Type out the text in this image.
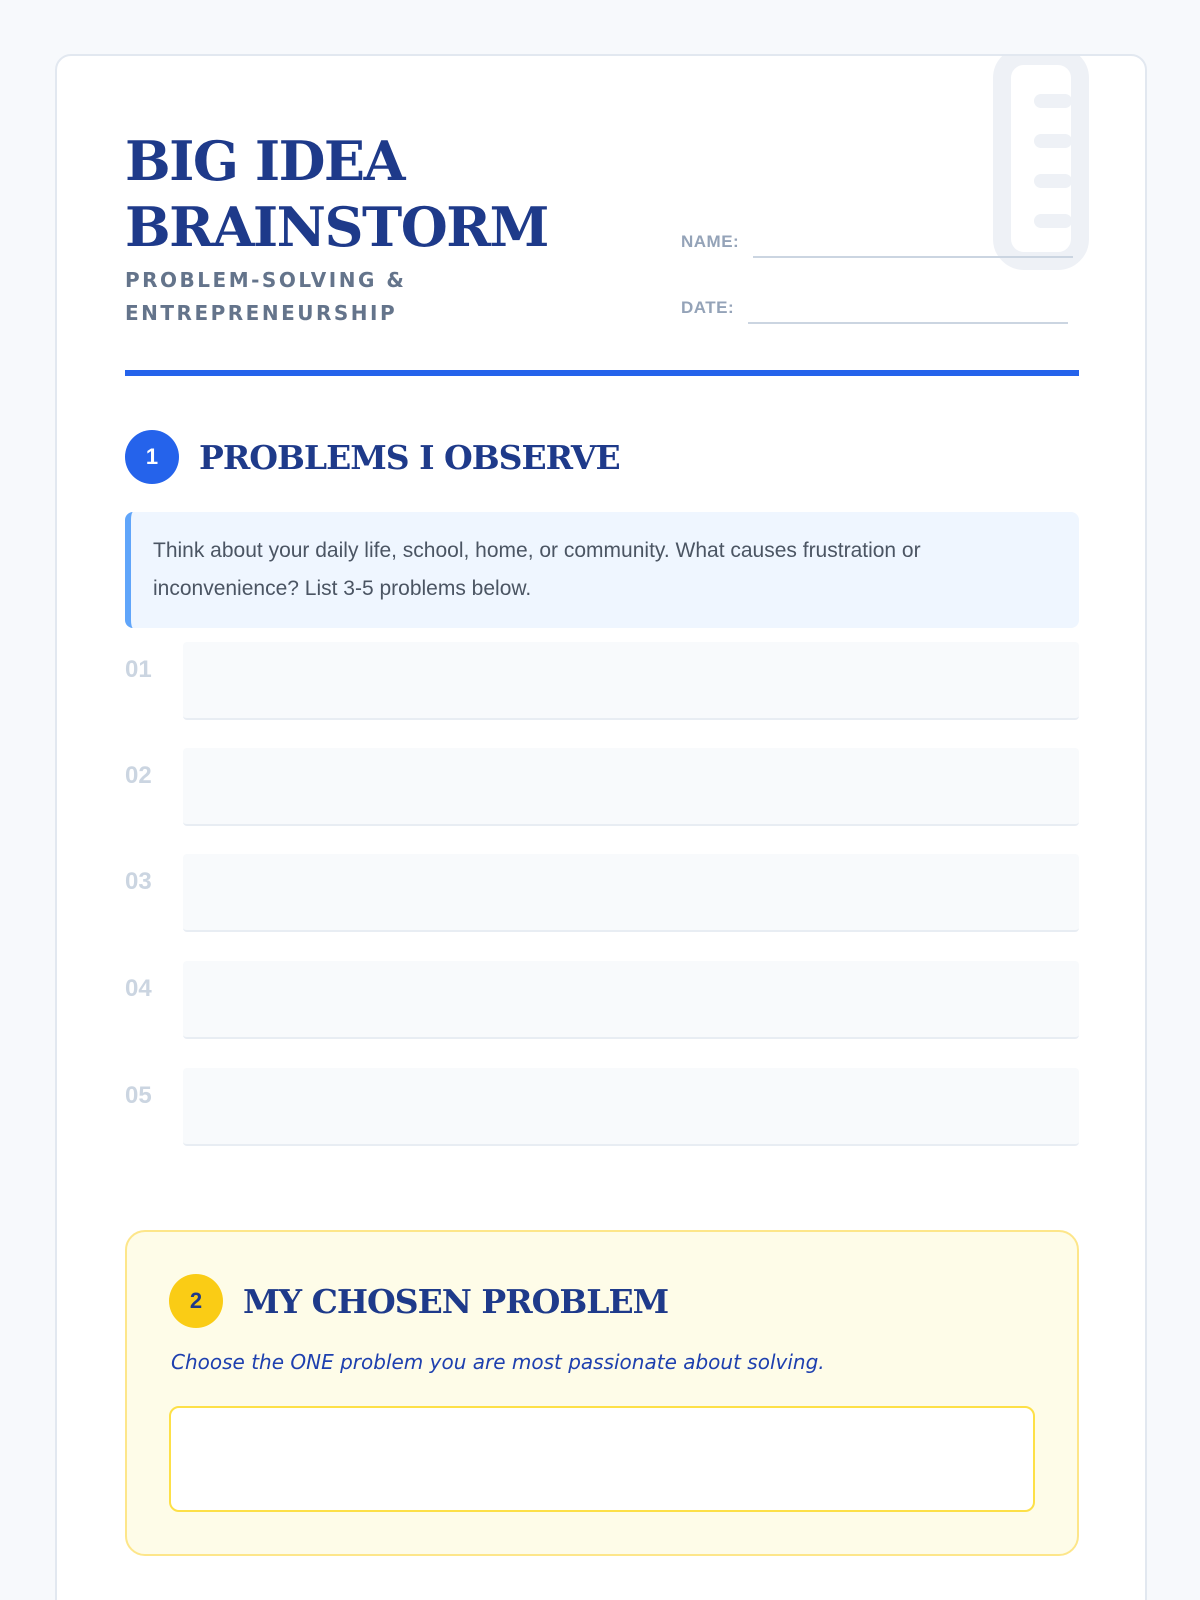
BIG IDEA
BRAINSTORM
PROBLEM-SOLVING &
ENTREPRENEURSHIP
NAME:
DATE:
1	PROBLEMS I OBSERVE
Think about your daily life, school, home, or community. What causes frustration or inconvenience? List 3-5 problems below.
01
02
03
04
05
2	MY CHOSEN PROBLEM

Choose the ONE problem you are most passionate about solving.
